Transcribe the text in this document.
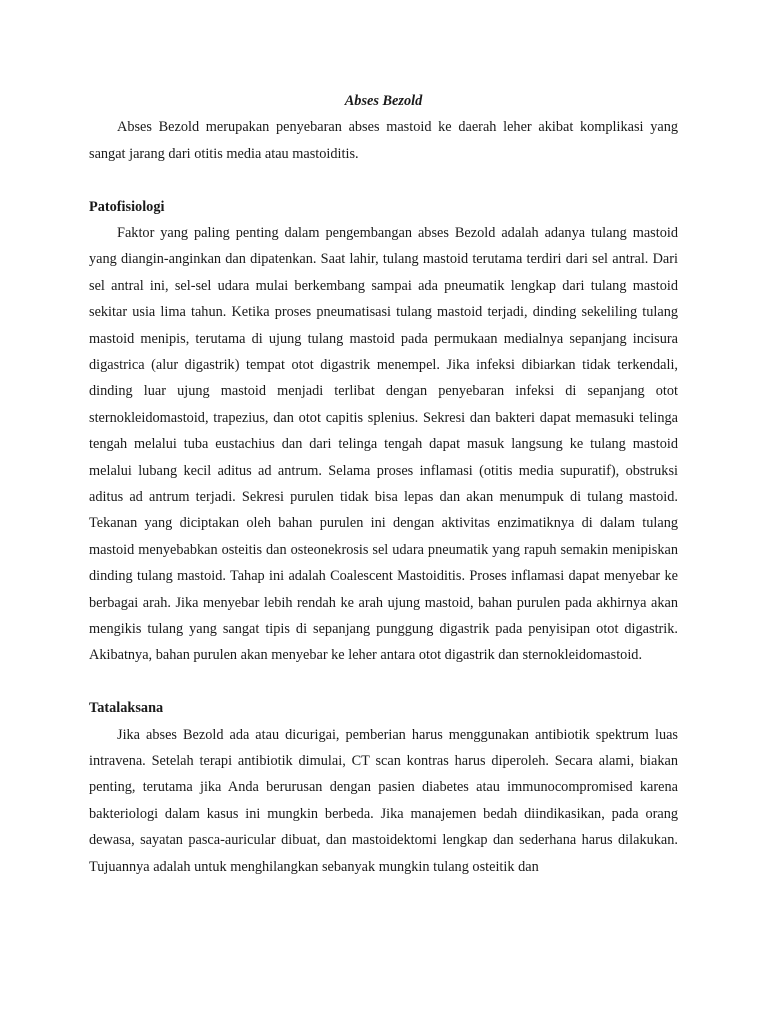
Abses Bezold

Abses Bezold merupakan penyebaran abses mastoid ke daerah leher akibat komplikasi yang sangat jarang dari otitis media atau mastoiditis.

Patofisiologi

Faktor yang paling penting dalam pengembangan abses Bezold adalah adanya tulang mastoid yang diangin-anginkan dan dipatenkan. Saat lahir, tulang mastoid terutama terdiri dari sel antral. Dari sel antral ini, sel-sel udara mulai berkembang sampai ada pneumatik lengkap dari tulang mastoid sekitar usia lima tahun. Ketika proses pneumatisasi tulang mastoid terjadi, dinding sekeliling tulang mastoid menipis, terutama di ujung tulang mastoid pada permukaan medialnya sepanjang incisura digastrica (alur digastrik) tempat otot digastrik menempel. Jika infeksi dibiarkan tidak terkendali, dinding luar ujung mastoid menjadi terlibat dengan penyebaran infeksi di sepanjang otot sternokleidomastoid, trapezius, dan otot capitis splenius. Sekresi dan bakteri dapat memasuki telinga tengah melalui tuba eustachius dan dari telinga tengah dapat masuk langsung ke tulang mastoid melalui lubang kecil aditus ad antrum. Selama proses inflamasi (otitis media supuratif), obstruksi aditus ad antrum terjadi. Sekresi purulen tidak bisa lepas dan akan menumpuk di tulang mastoid. Tekanan yang diciptakan oleh bahan purulen ini dengan aktivitas enzimatiknya di dalam tulang mastoid menyebabkan osteitis dan osteonekrosis sel udara pneumatik yang rapuh semakin menipiskan dinding tulang mastoid. Tahap ini adalah Coalescent Mastoiditis. Proses inflamasi dapat menyebar ke berbagai arah. Jika menyebar lebih rendah ke arah ujung mastoid, bahan purulen pada akhirnya akan mengikis tulang yang sangat tipis di sepanjang punggung digastrik pada penyisipan otot digastrik. Akibatnya, bahan purulen akan menyebar ke leher antara otot digastrik dan sternokleidomastoid.

Tatalaksana

Jika abses Bezold ada atau dicurigai, pemberian harus menggunakan antibiotik spektrum luas intravena. Setelah terapi antibiotik dimulai, CT scan kontras harus diperoleh. Secara alami, biakan penting, terutama jika Anda berurusan dengan pasien diabetes atau immunocompromised karena bakteriologi dalam kasus ini mungkin berbeda. Jika manajemen bedah diindikasikan, pada orang dewasa, sayatan pasca-auricular dibuat, dan mastoidektomi lengkap dan sederhana harus dilakukan. Tujuannya adalah untuk menghilangkan sebanyak mungkin tulang osteitik dan
